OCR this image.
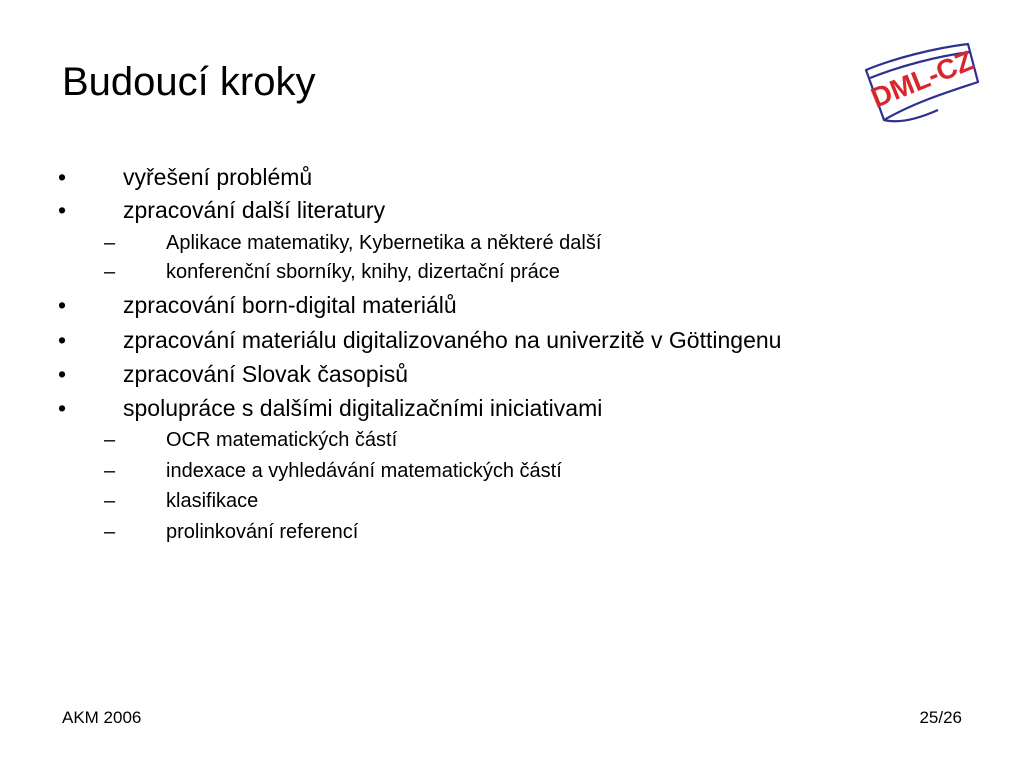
Budoucí kroky	DML-CZ
• vyřešení problémů
• zpracování další literatury
–	Aplikace matematiky, Kybernetika a některé další
–	konferenční sborníky, knihy, dizertační práce
• zpracování born-digital materiálů
• zpracování materiálu digitalizovaného na univerzitě v Göttingenu
• zpracování Slovak časopisů
• spolupráce s dalšími digitalizačními iniciativami
–	OCR matematických částí
–	indexace a vyhledávání matematických částí
–	klasifikace
–	prolinkování referencí
AKM 2006	25/26
